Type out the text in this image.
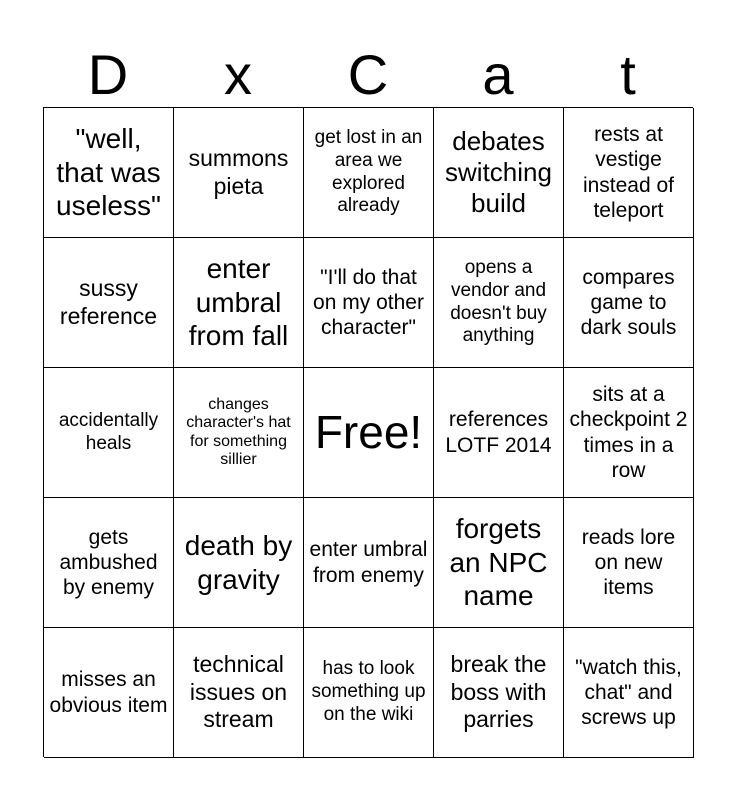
D	x	C	a	t
"well, that was useless"
summons pieta
get lost in an area we explored already
debates switching build
rests at vestige instead of teleport
sussy reference
enter umbral from fall
"I'll do that on my other character"
opens a vendor and doesn't buy anything
compares game to dark souls
accidentally heals
changes character's hat for something sillier
Free!	references LOTF 2014
sits at a checkpoint 2 times in a row
gets ambushed by enemy
death by gravity
enter umbral from enemy
forgets an NPC name
reads lore on new items
misses an obvious item
technical issues on stream
has to look something up on the wiki
break the boss with parries
"watch this, chat" and screws up
